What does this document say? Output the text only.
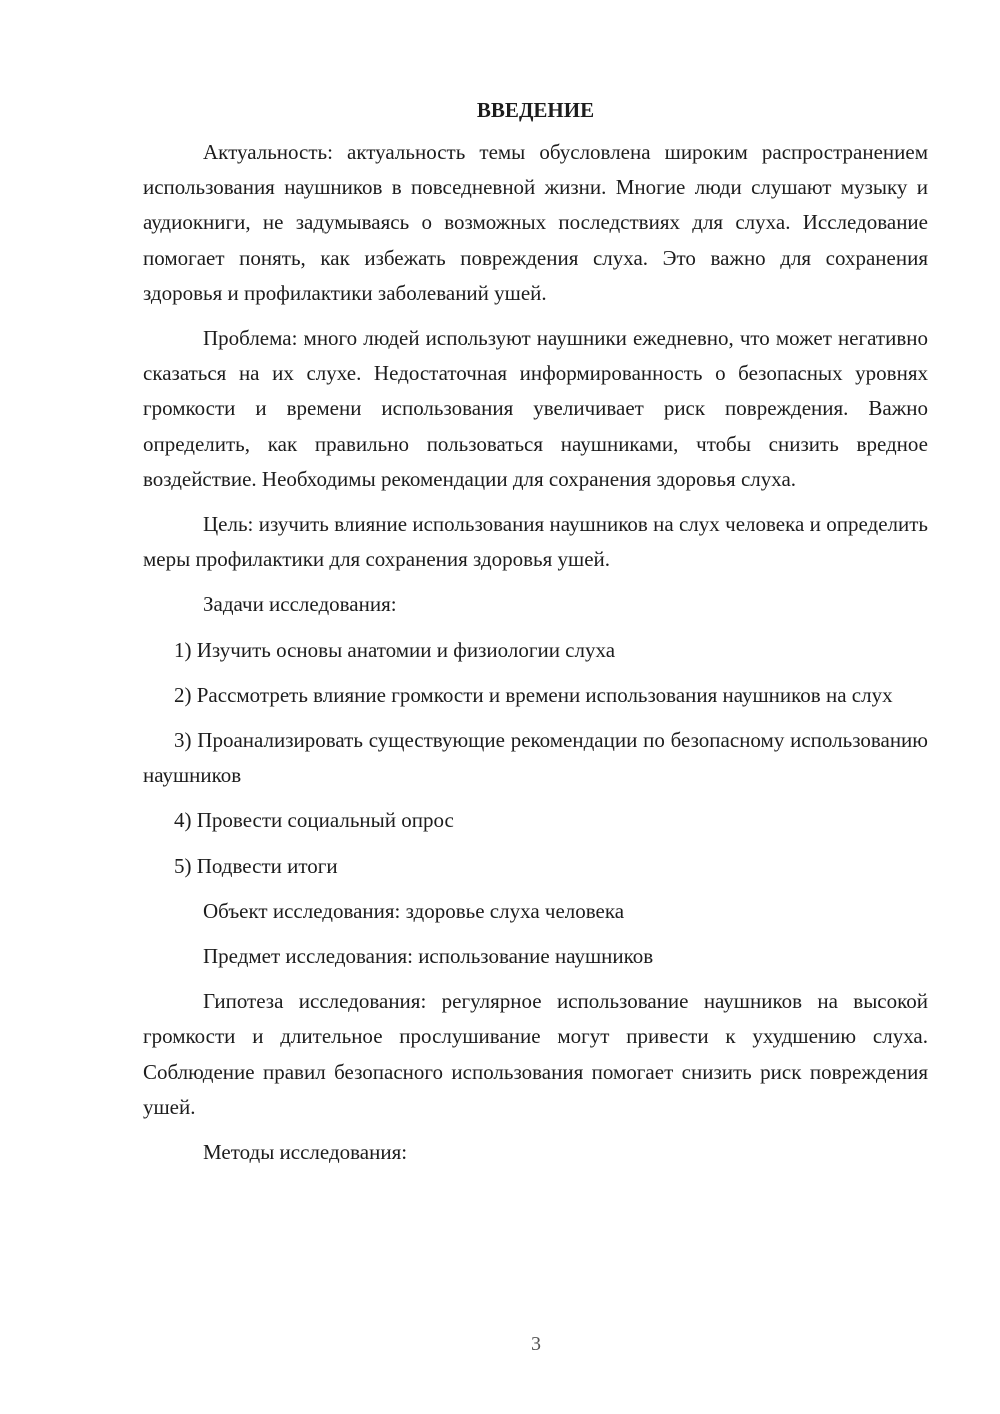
ВВЕДЕНИЕ

Актуальность: актуальность темы обусловлена широким распространением использования наушников в повседневной жизни. Многие люди слушают музыку и аудиокниги, не задумываясь о возможных последствиях для слуха. Исследование помогает понять, как избежать повреждения слуха. Это важно для сохранения здоровья и профилактики заболеваний ушей.

Проблема: много людей используют наушники ежедневно, что может негативно сказаться на их слухе. Недостаточная информированность о безопасных уровнях громкости и времени использования увеличивает риск повреждения. Важно определить, как правильно пользоваться наушниками, чтобы снизить вредное воздействие. Необходимы рекомендации для сохранения здоровья слуха.

Цель: изучить влияние использования наушников на слух человека и определить меры профилактики для сохранения здоровья ушей.

Задачи исследования:

1) Изучить основы анатомии и физиологии слуха

2) Рассмотреть влияние громкости и времени использования наушников на слух

3) Проанализировать существующие рекомендации по безопасному использованию наушников

4) Провести социальный опрос

5) Подвести итоги

Объект исследования: здоровье слуха человека

Предмет исследования: использование наушников

Гипотеза исследования: регулярное использование наушников на высокой громкости и длительное прослушивание могут привести к ухудшению слуха. Соблюдение правил безопасного использования помогает снизить риск повреждения ушей.

Методы исследования:

3
